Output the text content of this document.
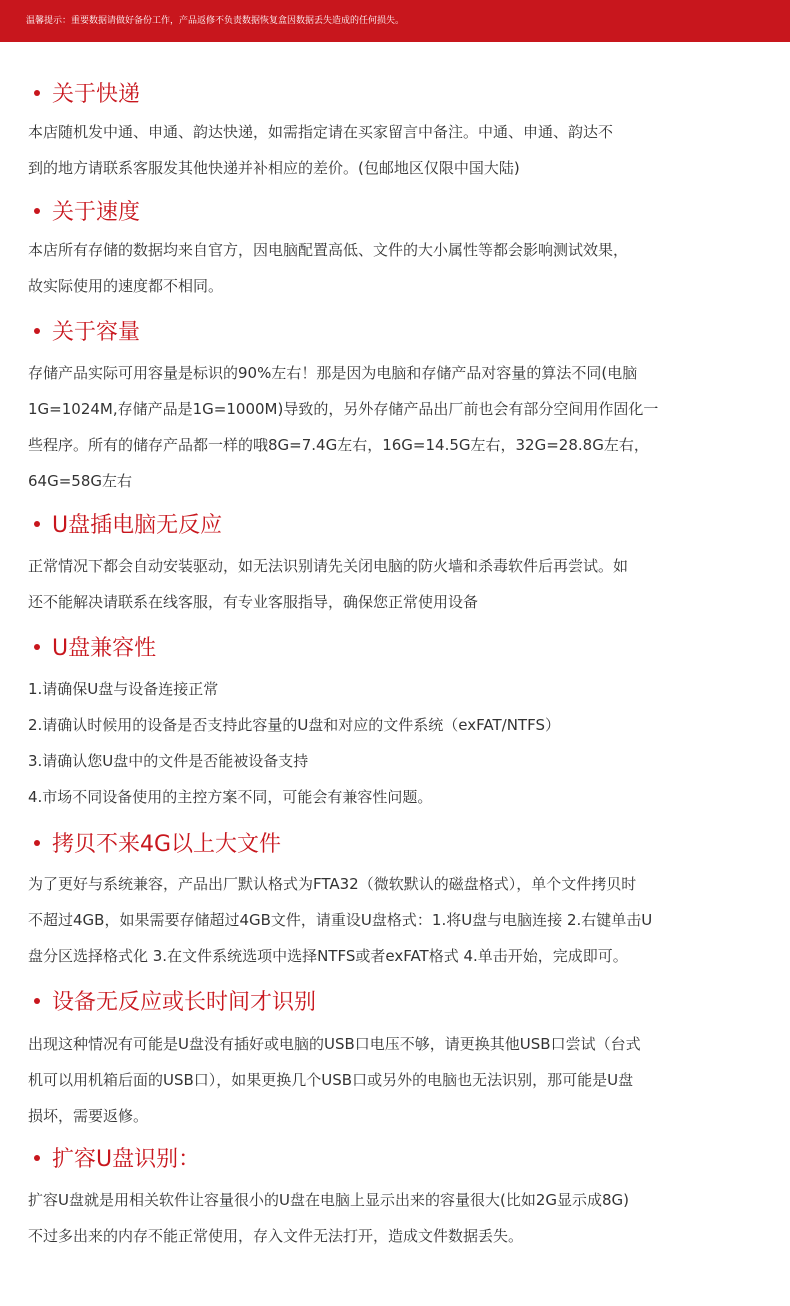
温馨提示：重要数据请做好备份工作，产品返修不负责数据恢复盒因数据丢失造成的任何损失。
关于快递
本店随机发中通、申通、韵达快递，如需指定请在买家留言中备注。中通、申通、韵达不
到的地方请联系客服发其他快递并补相应的差价。(包邮地区仅限中国大陆)
关于速度
本店所有存储的数据均来自官方，因电脑配置高低、文件的大小属性等都会影响测试效果，
故实际使用的速度都不相同。
关于容量
存储产品实际可用容量是标识的90%左右！那是因为电脑和存储产品对容量的算法不同(电脑
1G=1024M,存储产品是1G=1000M)导致的，另外存储产品出厂前也会有部分空间用作固化一
些程序。所有的储存产品都一样的哦8G=7.4G左右，16G=14.5G左右，32G=28.8G左右，
64G=58G左右
U盘插电脑无反应
正常情况下都会自动安装驱动，如无法识别请先关闭电脑的防火墙和杀毒软件后再尝试。如
还不能解决请联系在线客服，有专业客服指导，确保您正常使用设备
U盘兼容性
1.请确保U盘与设备连接正常
2.请确认时候用的设备是否支持此容量的U盘和对应的文件系统（exFAT/NTFS）
3.请确认您U盘中的文件是否能被设备支持
4.市场不同设备使用的主控方案不同，可能会有兼容性问题。
拷贝不来4G以上大文件
为了更好与系统兼容，产品出厂默认格式为FTA32（微软默认的磁盘格式），单个文件拷贝时
不超过4GB，如果需要存储超过4GB文件，请重设U盘格式：1.将U盘与电脑连接 2.右键单击U
盘分区选择格式化 3.在文件系统选项中选择NTFS或者exFAT格式 4.单击开始，完成即可。
设备无反应或长时间才识别
出现这种情况有可能是U盘没有插好或电脑的USB口电压不够，请更换其他USB口尝试（台式
机可以用机箱后面的USB口），如果更换几个USB口或另外的电脑也无法识别，那可能是U盘
损坏，需要返修。
扩容U盘识别：
扩容U盘就是用相关软件让容量很小的U盘在电脑上显示出来的容量很大(比如2G显示成8G)
不过多出来的内存不能正常使用，存入文件无法打开，造成文件数据丢失。
